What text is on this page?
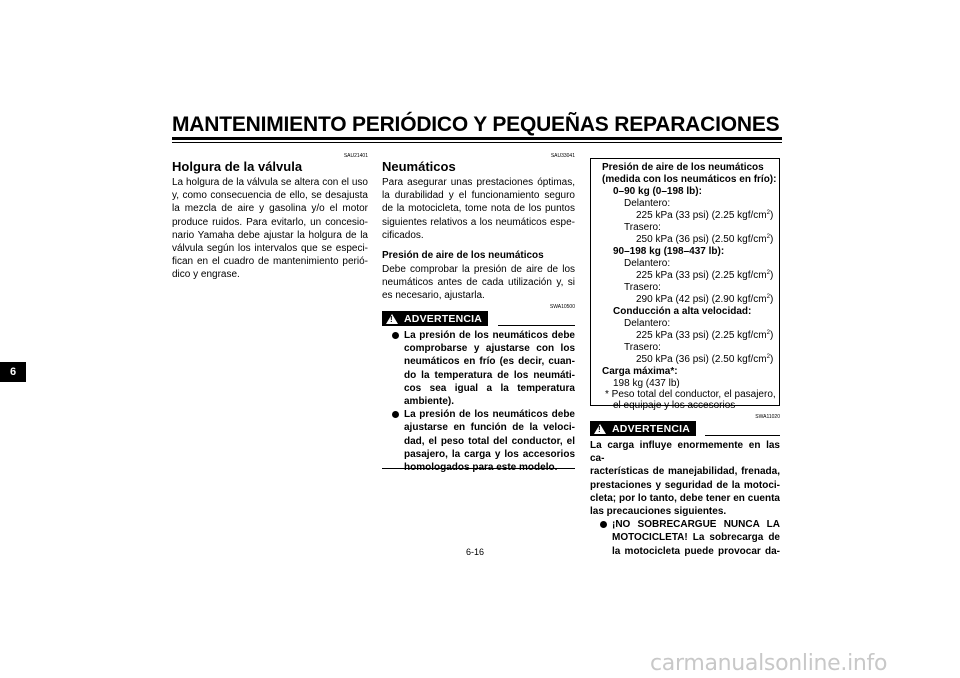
MANTENIMIENTO PERIÓDICO Y PEQUEÑAS REPARACIONES
6
SAU21401
Holgura de la válvula
La holgura de la válvula se altera con el uso
y, como consecuencia de ello, se desajusta
la mezcla de aire y gasolina y/o el motor
produce ruidos. Para evitarlo, un concesio-
nario Yamaha debe ajustar la holgura de la
válvula según los intervalos que se especi-
fican en el cuadro de mantenimiento perió-
dico y engrase.
SAU33041
Neumáticos
Para asegurar unas prestaciones óptimas,
la durabilidad y el funcionamiento seguro
de la motocicleta, tome nota de los puntos
siguientes relativos a los neumáticos espe-
cificados.
Presión de aire de los neumáticos
Debe comprobar la presión de aire de los
neumáticos antes de cada utilización y, si
es necesario, ajustarla.
SWA10500
! ADVERTENCIA
La presión de los neumáticos debe
comprobarse y ajustarse con los
neumáticos en frío (es decir, cuan-
do la temperatura de los neumáti-
cos sea igual a la temperatura
ambiente).
La presión de los neumáticos debe
ajustarse en función de la veloci-
dad, el peso total del conductor, el
pasajero, la carga y los accesorios
Presión de aire de los neumáticos
(medida con los neumáticos en frío):
0–90 kg (0–198 lb):
Delantero:
225 kPa (33 psi) (2.25 kgf/$cm^2$)
Trasero:
250 kPa (36 psi) (2.50 kgf/$cm^2$)
90–198 kg (198–437 lb):
Delantero:
225 kPa (33 psi) (2.25 kgf/$cm^2$)
Trasero:
290 kPa (42 psi) (2.90 kgf/$cm^2$)
Conducción a alta velocidad:
Delantero:
225 kPa (33 psi) (2.25 kgf/$cm^2$)
Trasero:
250 kPa (36 psi) (2.50 kgf/$cm^2$)
Carga máxima*:
198 kg (437 lb)
* Peso total del conductor, el pasajero,
el equipaje y los accesorios
SWA11020
! ADVERTENCIA
La carga influye enormemente en las ca-
racterísticas de manejabilidad, frenada,
prestaciones y seguridad de la motoci-
cleta; por lo tanto, debe tener en cuenta
las precauciones siguientes.
¡NO SOBRECARGUE NUNCA LA
MOTOCICLETA! La sobrecarga de
la motocicleta puede provocar da-
6-16
carmanualsonline.info
